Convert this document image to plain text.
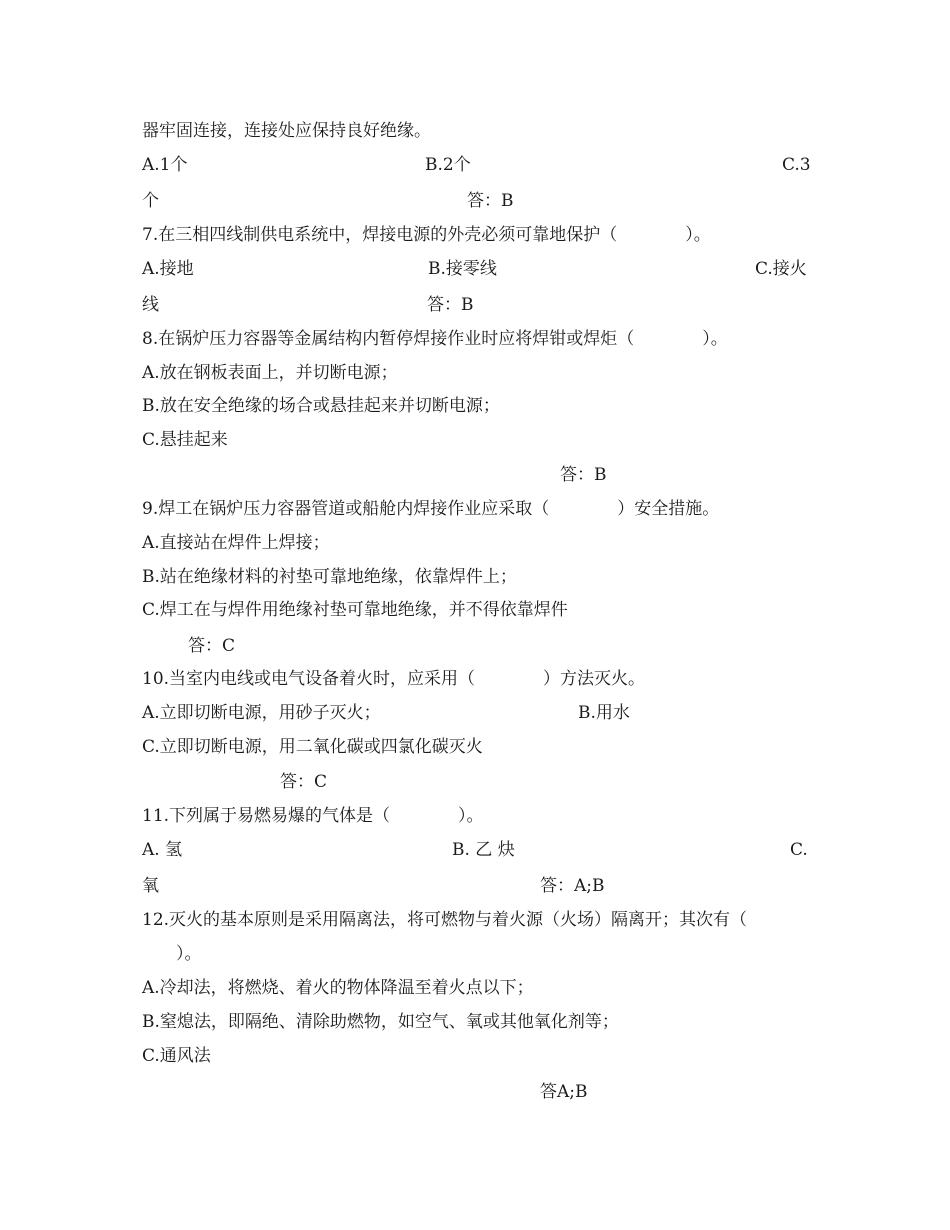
器牢固连接，连接处应保持良好绝缘。
A.1个	B.2个	C.3
个	答：B
7.在三相四线制供电系统中，焊接电源的外壳必须可靠地保护（　　　　）。
A.接地	B.接零线	C.接火
线	答：B
8.在锅炉压力容器等金属结构内暂停焊接作业时应将焊钳或焊炬（　　　　）。
A.放在钢板表面上，并切断电源；
B.放在安全绝缘的场合或悬挂起来并切断电源；
C.悬挂起来
答：B
9.焊工在锅炉压力容器管道或船舱内焊接作业应采取（　　　　）安全措施。
A.直接站在焊件上焊接；
B.站在绝缘材料的衬垫可靠地绝缘，依靠焊件上；
C.焊工在与焊件用绝缘衬垫可靠地绝缘，并不得依靠焊件
答：C
10.当室内电线或电气设备着火时，应采用（　　　　）方法灭火。
A.立即切断电源，用砂子灭火；	B.用水
C.立即切断电源，用二氧化碳或四氯化碳灭火
答：C
11.下列属于易燃易爆的气体是（　　　　）。
A. 氢	B. 乙 炔	C.
氧	答：A;B
12.灭火的基本原则是采用隔离法，将可燃物与着火源（火场）隔离开；其次有（
　　）。
A.冷却法，将燃烧、着火的物体降温至着火点以下；
B.窒熄法，即隔绝、清除助燃物，如空气、氧或其他氧化剂等；
C.通风法
答A;B
